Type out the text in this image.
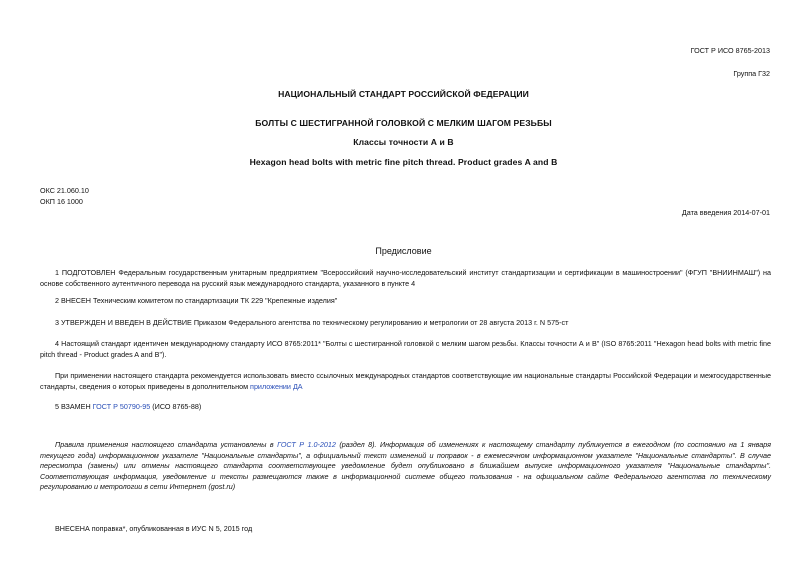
ГОСТ Р ИСО 8765-2013
Группа Г32
НАЦИОНАЛЬНЫЙ СТАНДАРТ РОССИЙСКОЙ ФЕДЕРАЦИИ
БОЛТЫ С ШЕСТИГРАННОЙ ГОЛОВКОЙ С МЕЛКИМ ШАГОМ РЕЗЬБЫ
Классы точности А и В
Hexagon head bolts with metric fine pitch thread. Product grades A and B
ОКС 21.060.10
ОКП 16 1000
Дата введения 2014-07-01
Предисловие
1 ПОДГОТОВЛЕН Федеральным государственным унитарным предприятием "Всероссийский научно-исследовательский институт стандартизации и сертификации в машиностроении" (ФГУП "ВНИИНМАШ") на основе собственного аутентичного перевода на русский язык международного стандарта, указанного в пункте 4
2 ВНЕСЕН Техническим комитетом по стандартизации ТК 229 "Крепежные изделия"
3 УТВЕРЖДЕН И ВВЕДЕН В ДЕЙСТВИЕ Приказом Федерального агентства по техническому регулированию и метрологии от 28 августа 2013 г. N 575-ст
4 Настоящий стандарт идентичен международному стандарту ИСО 8765:2011* "Болты с шестигранной головкой с мелким шагом резьбы. Классы точности А и В" (ISO 8765:2011 "Hexagon head bolts with metric fine pitch thread - Product grades A and B").
При применении настоящего стандарта рекомендуется использовать вместо ссылочных международных стандартов соответствующие им национальные стандарты Российской Федерации и межгосударственные стандарты, сведения о которых приведены в дополнительном приложении ДА
5 ВЗАМЕН ГОСТ Р 50790-95 (ИСО 8765-88)
Правила применения настоящего стандарта установлены в ГОСТ Р 1.0-2012 (раздел 8). Информация об изменениях к настоящему стандарту публикуется в ежегодном (по состоянию на 1 января текущего года) информационном указателе "Национальные стандарты", а официальный текст изменений и поправок - в ежемесячном информационном указателе "Национальные стандарты". В случае пересмотра (замены) или отмены настоящего стандарта соответствующее уведомление будет опубликовано в ближайшем выпуске информационного указателя "Национальные стандарты". Соответствующая информация, уведомление и тексты размещаются также в информационной системе общего пользования - на официальном сайте Федерального агентства по техническому регулированию и метрологии в сети Интернет (gost.ru)
ВНЕСЕНА поправка*, опубликованная в ИУС N 5, 2015 год
